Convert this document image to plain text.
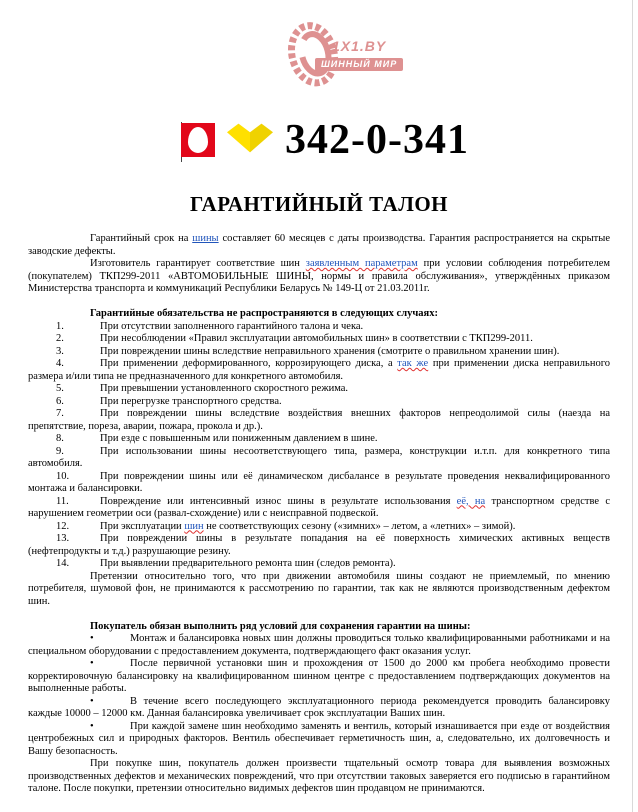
1X1.BY
ШИННЫЙ МИР
342-0-341
ГАРАНТИЙНЫЙ ТАЛОН

Гарантийный срок на шины составляет 60 месяцев с даты производства. Гарантия распространяется на скрытые заводские дефекты.

Изготовитель гарантирует соответствие шин заявленным параметрам при условии соблюдения потребителем (покупателем) ТКП299-2011 «АВТОМОБИЛЬНЫЕ ШИНЫ, нормы и правила обслуживания», утверждённых приказом Министерства транспорта и коммуникаций Республики Беларусь № 149-Ц от 21.03.2011г.

Гарантийные обязательства не распространяются в следующих случаях:

1.	При отсутствии заполненного гарантийного талона и чека.

2.	При несоблюдении «Правил эксплуатации автомобильных шин» в соответствии с ТКП299-2011.

3.	При повреждении шины вследствие неправильного хранения (смотрите о правильном хранении шин).

4.	При применении деформированного, коррозирующего диска, а так же при применении диска неправильного размера и/или типа не предназначенного для конкретного автомобиля.

5.	При превышении установленного скоростного режима.

6.	При перегрузке транспортного средства.

7.	При повреждении шины вследствие воздействия внешних факторов непреодолимой силы (наезда на препятствие, пореза, аварии, пожара, прокола и др.).

8.	При езде с повышенным или пониженным давлением в шине.

9.	При использовании шины несоответствующего типа, размера, конструкции и.т.п. для конкретного типа автомобиля.

10.	При повреждении шины или её динамическом дисбалансе в результате проведения неквалифицированного монтажа и балансировки.

11.	Повреждение или интенсивный износ шины в результате использования её, на транспортном средстве с нарушением геометрии оси (развал-схождение) или с неисправной подвеской.

12.	При эксплуатации шин не соответствующих сезону («зимних» – летом, а «летних» – зимой).

13.	При повреждении шины в результате попадания на её поверхность химических активных веществ (нефтепродукты и т.д.) разрушающие резину.

14.	При выявлении предварительного ремонта шин (следов ремонта).

Претензии относительно того, что при движении автомобиля шины создают не приемлемый, по мнению потребителя, шумовой фон, не принимаются к рассмотрению по гарантии, так как не являются производственным дефектом шин.

Покупатель обязан выполнить ряд условий для сохранения гарантии на шины:

•	Монтаж и балансировка новых шин должны проводиться только квалифицированными работниками и на специальном оборудовании с предоставлением документа, подтверждающего факт оказания услуг.

•	После первичной установки шин и прохождения от 1500 до 2000 км пробега необходимо провести корректировочную балансировку на квалифицированном шинном центре с предоставлением подтверждающих документов на выполненные работы.

•	В течение всего последующего эксплуатационного периода рекомендуется проводить балансировку каждые 10000 – 12000 км. Данная балансировка увеличивает срок эксплуатации Ваших шин.

•	При каждой замене шин необходимо заменять и вентиль, который изнашивается при езде от воздействия центробежных сил и природных факторов. Вентиль обеспечивает герметичность шин, а, следовательно, их долговечность и Вашу безопасность.

При покупке шин, покупатель должен произвести тщательный осмотр товара для выявления возможных производственных дефектов и механических повреждений, что при отсутствии таковых заверяется его подписью в гарантийном талоне. После покупки, претензии относительно видимых дефектов шин продавцом не принимаются.
